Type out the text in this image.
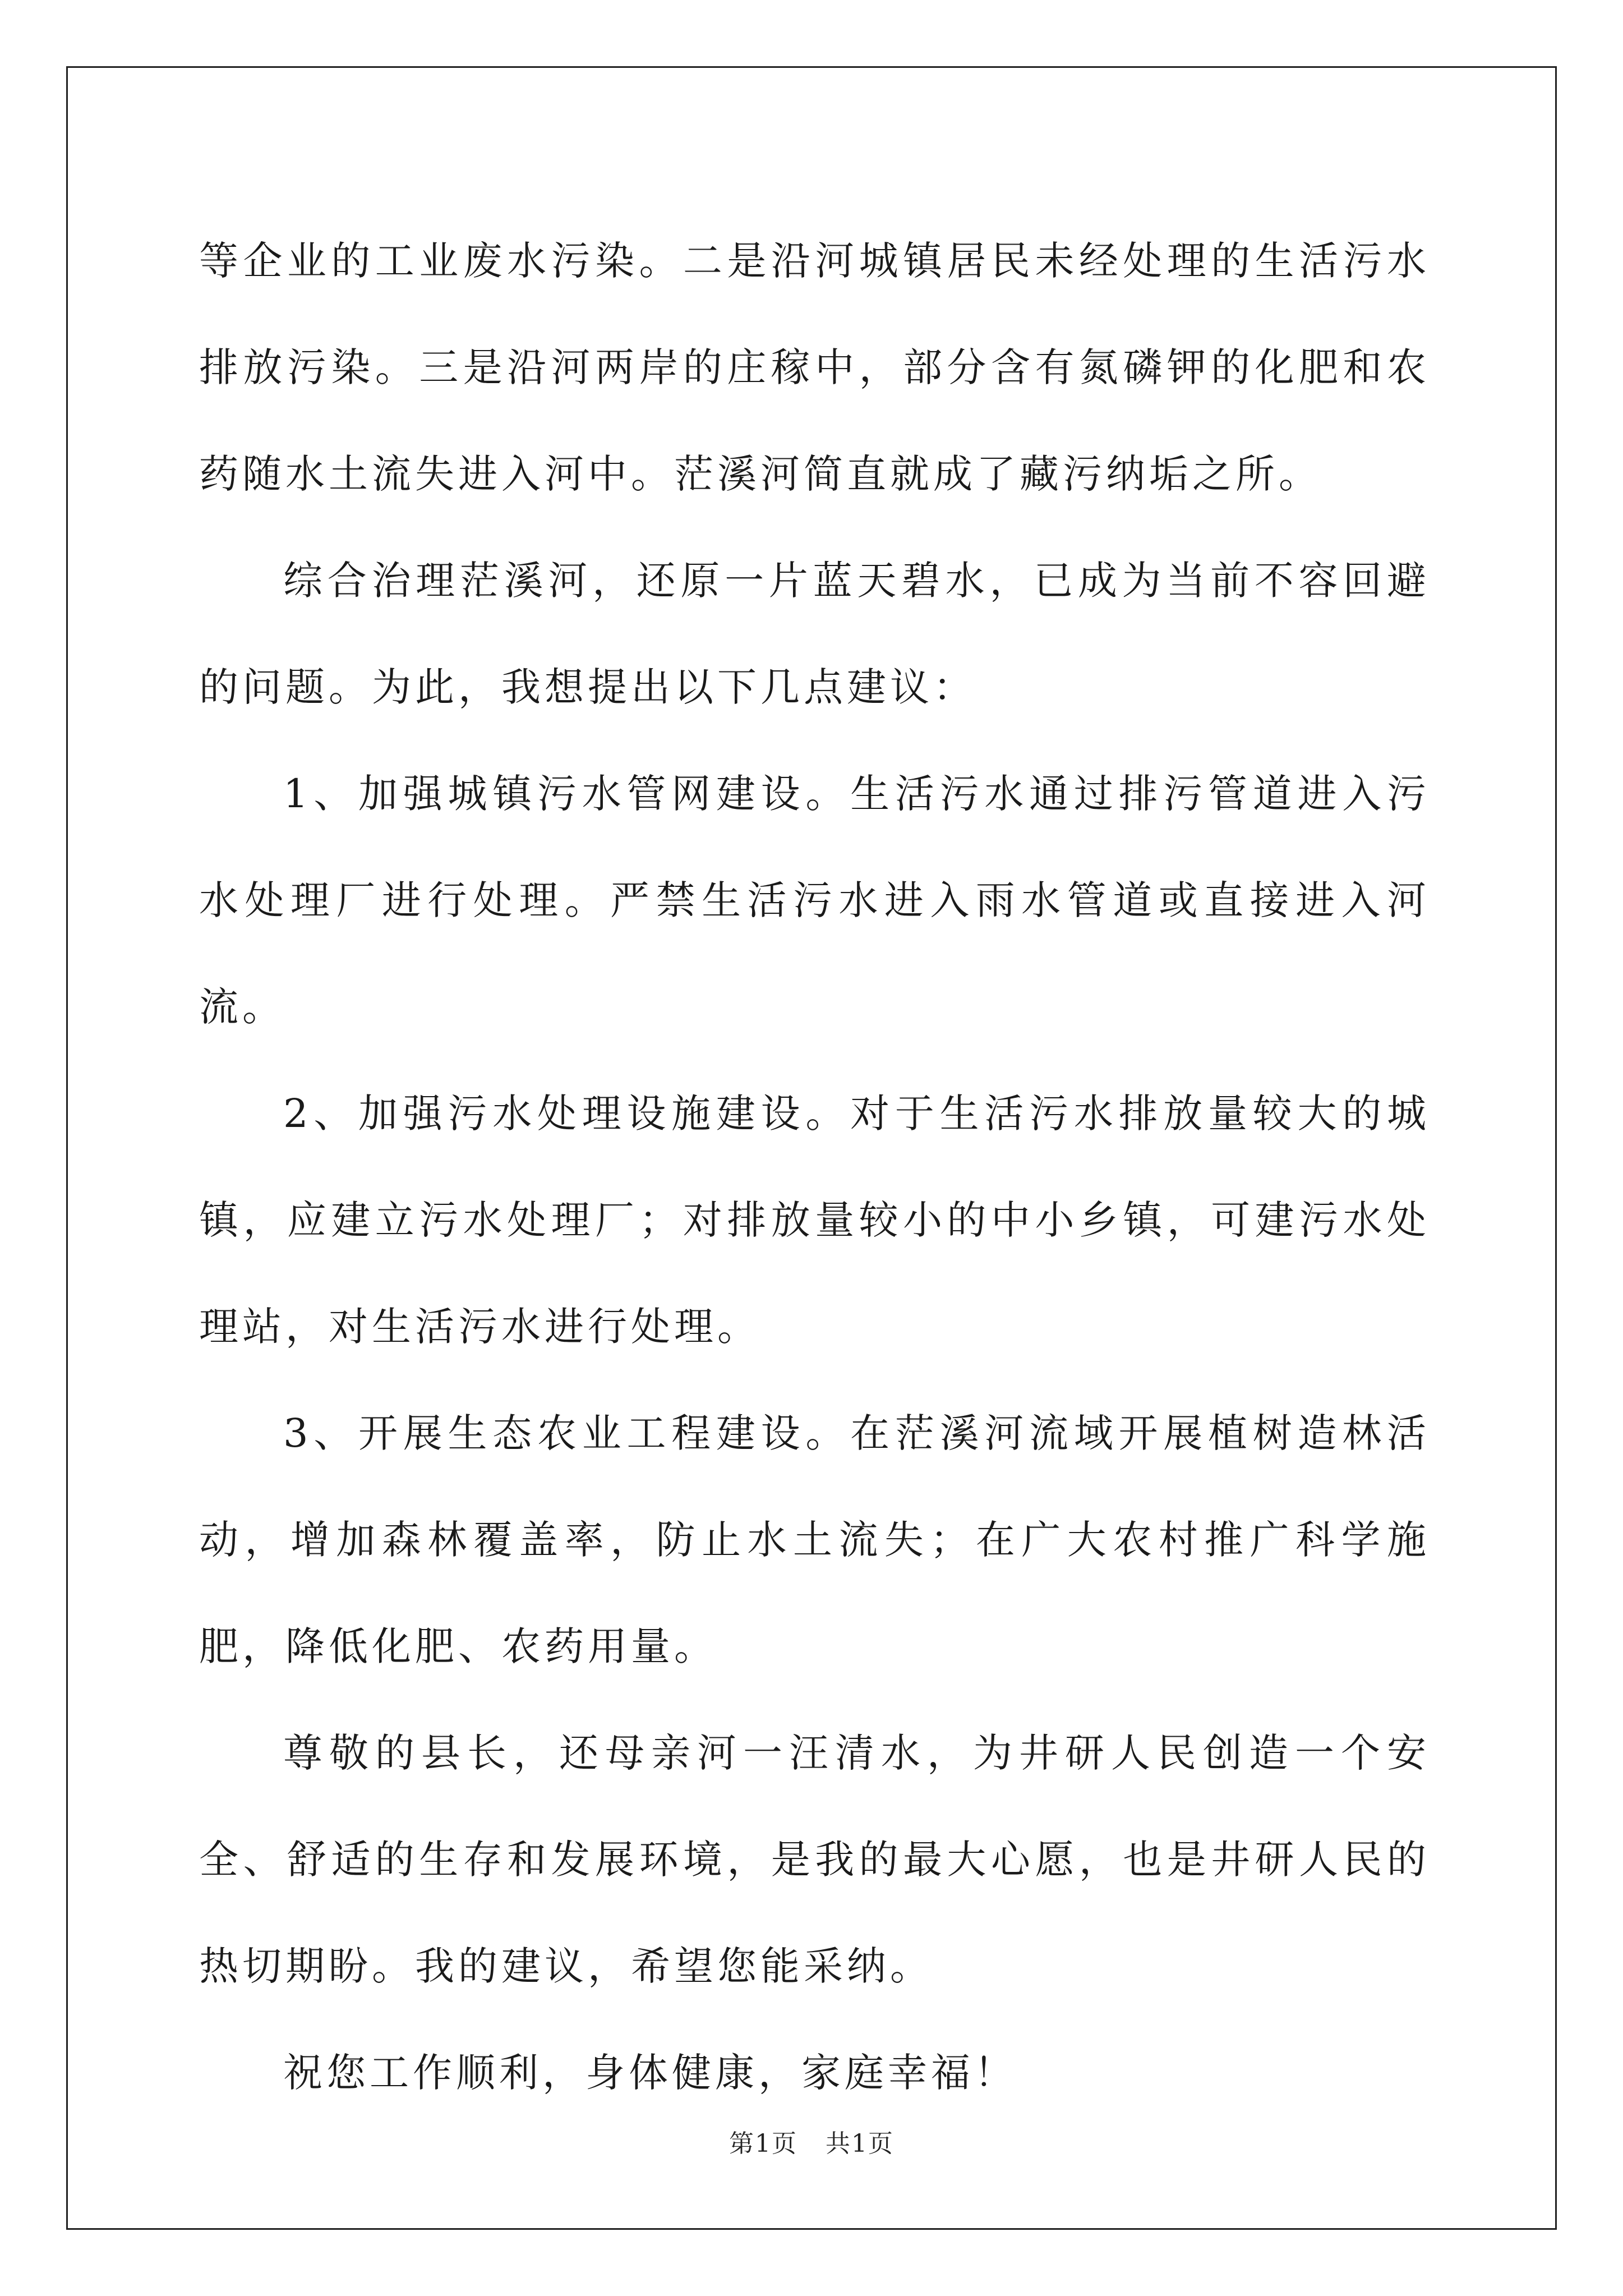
等企业的工业废水污染。二是沿河城镇居民未经处理的生活污水排放污染。三是沿河两岸的庄稼中，部分含有氮磷钾的化肥和农药随水土流失进入河中。茫溪河简直就成了藏污纳垢之所。

综合治理茫溪河，还原一片蓝天碧水，已成为当前不容回避的问题。为此，我想提出以下几点建议：

1、加强城镇污水管网建设。生活污水通过排污管道进入污水处理厂进行处理。严禁生活污水进入雨水管道或直接进入河流。

2、加强污水处理设施建设。对于生活污水排放量较大的城镇，应建立污水处理厂；对排放量较小的中小乡镇，可建污水处理站，对生活污水进行处理。

3、开展生态农业工程建设。在茫溪河流域开展植树造林活动，增加森林覆盖率，防止水土流失；在广大农村推广科学施肥，降低化肥、农药用量。

尊敬的县长，还母亲河一汪清水，为井研人民创造一个安全、舒适的生存和发展环境，是我的最大心愿，也是井研人民的热切期盼。我的建议，希望您能采纳。

祝您工作顺利，身体健康，家庭幸福！

第1页 共1页
